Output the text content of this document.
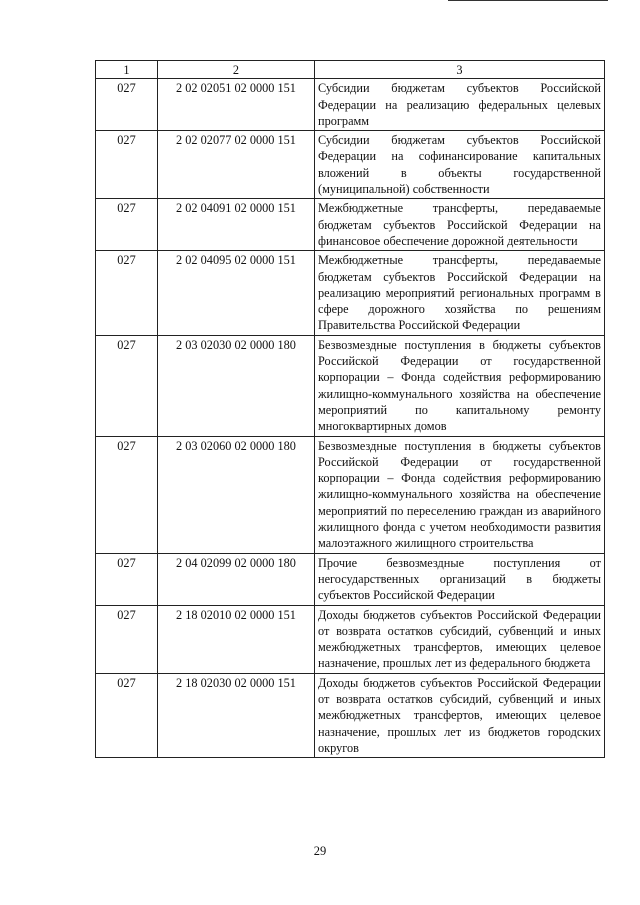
1	2	3
027	2 02 02051 02 0000 151	Субсидии бюджетам субъектов Российской Федерации на реализацию федеральных целевых программ
027	2 02 02077 02 0000 151	Субсидии бюджетам субъектов Российской Федерации на софинансирование капитальных вложений в объекты государственной (муниципальной) собственности
027	2 02 04091 02 0000 151	Межбюджетные трансферты, передаваемые бюджетам субъектов Российской Федерации на финансовое обеспечение дорожной деятельности
027	2 02 04095 02 0000 151	Межбюджетные трансферты, передаваемые бюджетам субъектов Российской Федерации на реализацию мероприятий региональных программ в сфере дорожного хозяйства по решениям Правительства Российской Федерации
027	2 03 02030 02 0000 180	Безвозмездные поступления в бюджеты субъектов Российской Федерации от государственной корпорации – Фонда содействия реформированию жилищно-коммунального хозяйства на обеспечение мероприятий по капитальному ремонту многоквартирных домов
027	2 03 02060 02 0000 180	Безвозмездные поступления в бюджеты субъектов Российской Федерации от государственной корпорации – Фонда содействия реформированию жилищно-коммунального хозяйства на обеспечение мероприятий по переселению граждан из аварийного жилищного фонда с учетом необходимости развития малоэтажного жилищного строительства
027	2 04 02099 02 0000 180	Прочие безвозмездные поступления от негосударственных организаций в бюджеты субъектов Российской Федерации
027	2 18 02010 02 0000 151	Доходы бюджетов субъектов Российской Федерации от возврата остатков субсидий, субвенций и иных межбюджетных трансфертов, имеющих целевое назначение, прошлых лет из федерального бюджета
027	2 18 02030 02 0000 151	Доходы бюджетов субъектов Российской Федерации от возврата остатков субсидий, субвенций и иных межбюджетных трансфертов, имеющих целевое назначение, прошлых лет из бюджетов городских округов
29
